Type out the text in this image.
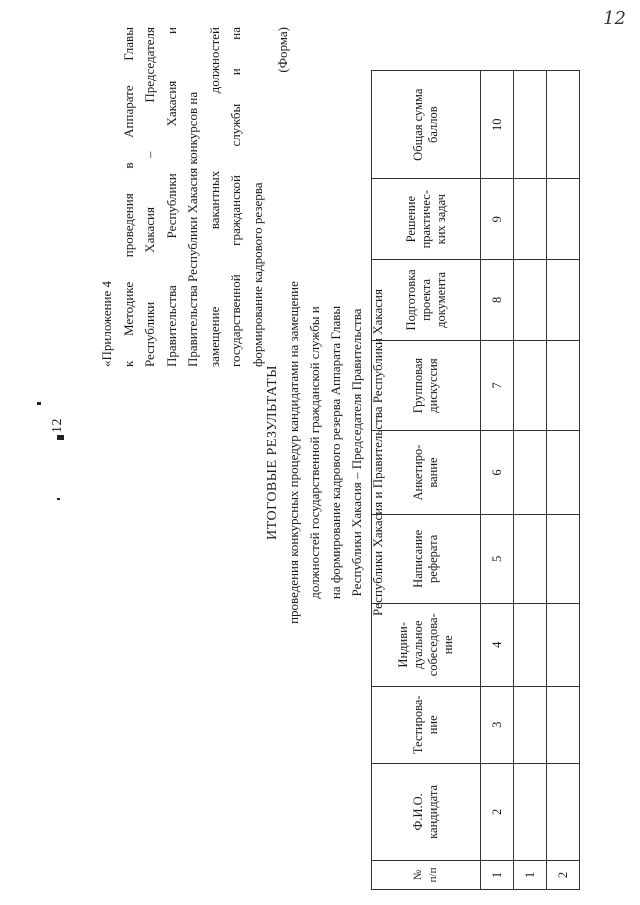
12
12
«Приложение 4 к
Методике
проведения
в
Аппарате
Главы
Республики
Хакасия
–
Председателя
Правительства
Республики
Хакасия
и
Правительства Республики Хакасия конкурсов на замещение
вакантных
должностей
государственной
гражданской
службы
и
на
формирование кадрового резерва
(Форма)
ИТОГОВЫЕ РЕЗУЛЬТАТЫ проведения конкурсных процедур кандидатами на замещение должностей государственной гражданской службы и на формирование кадрового резерва Аппарата Главы Республики Хакасия – Председателя Правительства Республики Хакасия и Правительства Республики Хакасия
№ п/п	Ф.И.О. кандидата	Тестирова-ние	Индиви-дуальное собеседова-ние	Написание реферата	Анкетиро-вание	Групповая дискуссия	Подготовка проекта документа	Решение практичес-ких задач	Общая сумма баллов
1	2	3	4	5	6	7	8	9	10
1									
2									
